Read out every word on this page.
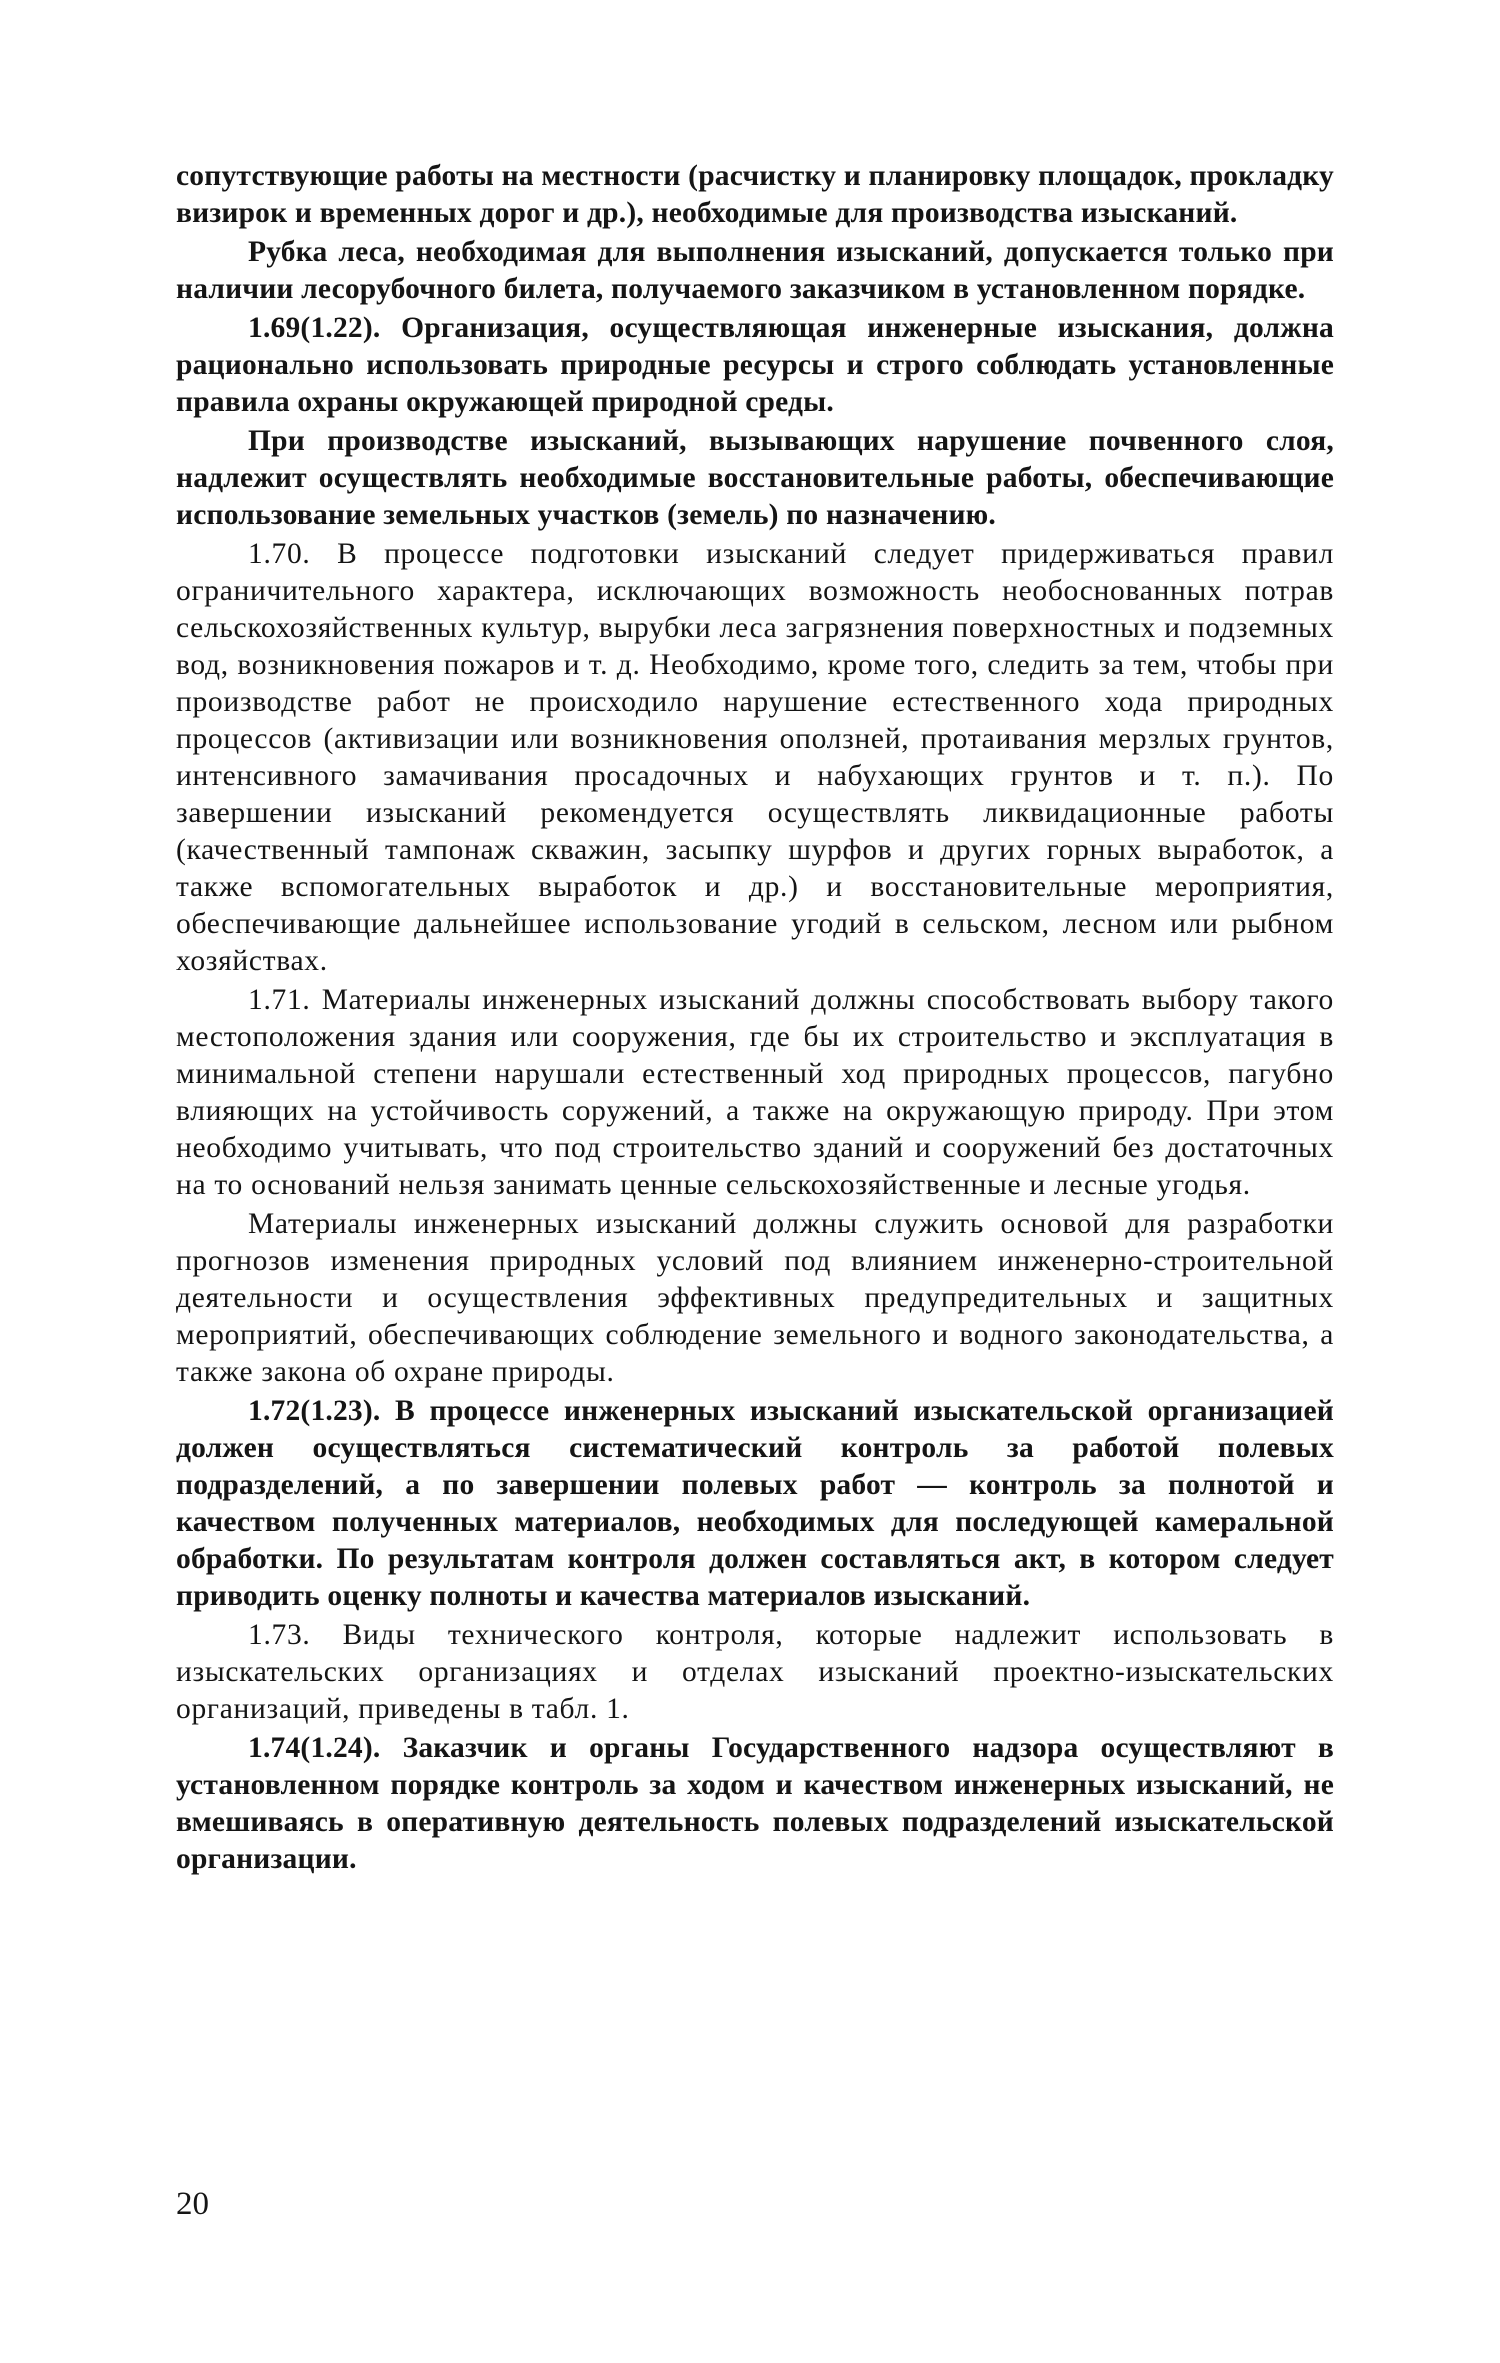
сопутствующие работы на местности (расчистку и планировку площадок, прокладку визирок и временных дорог и др.), необходимые для производства изысканий.

Рубка леса, необходимая для выполнения изысканий, допускается только при наличии лесорубочного билета, получаемого заказчиком в установленном порядке.

1.69(1.22). Организация, осуществляющая инженерные изыскания, должна рационально использовать природные ресурсы и строго соблюдать установленные правила охраны окружающей природной среды.

При производстве изысканий, вызывающих нарушение почвенного слоя, надлежит осуществлять необходимые восстановительные работы, обеспечивающие использование земельных участков (земель) по назначению.

1.70. В процессе подготовки изысканий следует придерживаться правил ограничительного характера, исключающих возможность необоснованных потрав сельскохозяйственных культур, вырубки леса загрязнения поверхностных и подземных вод, возникновения пожаров и т. д. Необходимо, кроме того, следить за тем, чтобы при производстве работ не происходило нарушение естественного хода природных процессов (активизации или возникновения оползней, протаивания мерзлых грунтов, интенсивного замачивания просадочных и набухающих грунтов и т. п.). По завершении изысканий рекомендуется осуществлять ликвидационные работы (качественный тампонаж скважин, засыпку шурфов и других горных выработок, а также вспомогательных выработок и др.) и восстановительные мероприятия, обеспечивающие дальнейшее использование угодий в сельском, лесном или рыбном хозяйствах.

1.71. Материалы инженерных изысканий должны способствовать выбору такого местоположения здания или сооружения, где бы их строительство и эксплуатация в минимальной степени нарушали естественный ход природных процессов, пагубно влияющих на устойчивость соружений, а также на окружающую природу. При этом необходимо учитывать, что под строительство зданий и сооружений без достаточных на то оснований нельзя занимать ценные сельскохозяйственные и лесные угодья.

Материалы инженерных изысканий должны служить основой для разработки прогнозов изменения природных условий под влиянием инженерно-строительной деятельности и осуществления эффективных предупредительных и защитных мероприятий, обеспечивающих соблюдение земельного и водного законодательства, а также закона об охране природы.

1.72(1.23). В процессе инженерных изысканий изыскательской организацией должен осуществляться систематический контроль за работой полевых подразделений, а по завершении полевых работ — контроль за полнотой и качеством полученных материалов, необходимых для последующей камеральной обработки. По результатам контроля должен составляться акт, в котором следует приводить оценку полноты и качества материалов изысканий.

1.73. Виды технического контроля, которые надлежит использовать в изыскательских организациях и отделах изысканий проектно-изыскательских организаций, приведены в табл. 1.

1.74(1.24). Заказчик и органы Государственного надзора осуществляют в установленном порядке контроль за ходом и качеством инженерных изысканий, не вмешиваясь в оперативную деятельность полевых подразделений изыскательской организации.

20
